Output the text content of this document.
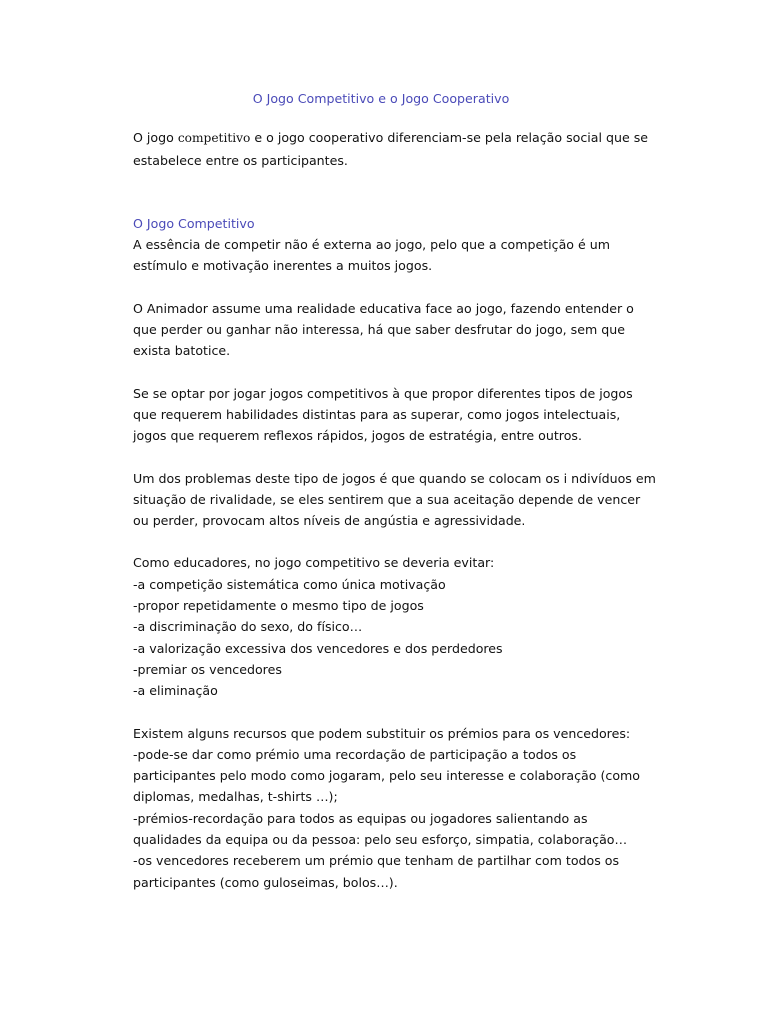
O Jogo Competitivo e o Jogo Cooperativo

O jogo competitivo e o jogo cooperativo diferenciam-se pela relação social que se
estabelece entre os participantes.

O Jogo Competitivo

A essência de competir não é externa ao jogo, pelo que a competição é um
estímulo e motivação inerentes a muitos jogos.

O Animador assume uma realidade educativa face ao jogo, fazendo entender o
que perder ou ganhar não interessa, há que saber desfrutar do jogo, sem que
exista batotice.

Se se optar por jogar jogos competitivos à que propor diferentes tipos de jogos
que requerem habilidades distintas para as superar, como jogos intelectuais,
jogos que requerem reflexos rápidos, jogos de estratégia, entre outros.

Um dos problemas deste tipo de jogos é que quando se colocam os i ndivíduos em
situação de rivalidade, se eles sentirem que a sua aceitação depende de vencer
ou perder, provocam altos níveis de angústia e agressividade.

Como educadores, no jogo competitivo se deveria evitar:
-a competição sistemática como única motivação
-propor repetidamente o mesmo tipo de jogos
-a discriminação do sexo, do físico…
-a valorização excessiva dos vencedores e dos perdedores
-premiar os vencedores
-a eliminação

Existem alguns recursos que podem substituir os prémios para os vencedores:
-pode-se dar como prémio uma recordação de participação a todos os
participantes pelo modo como jogaram, pelo seu interesse e colaboração (como
diplomas, medalhas, t-shirts …);
-prémios-recordação para todos as equipas ou jogadores salientando as
qualidades da equipa ou da pessoa: pelo seu esforço, simpatia, colaboração…
-os vencedores receberem um prémio que tenham de partilhar com todos os
participantes (como guloseimas, bolos…).
